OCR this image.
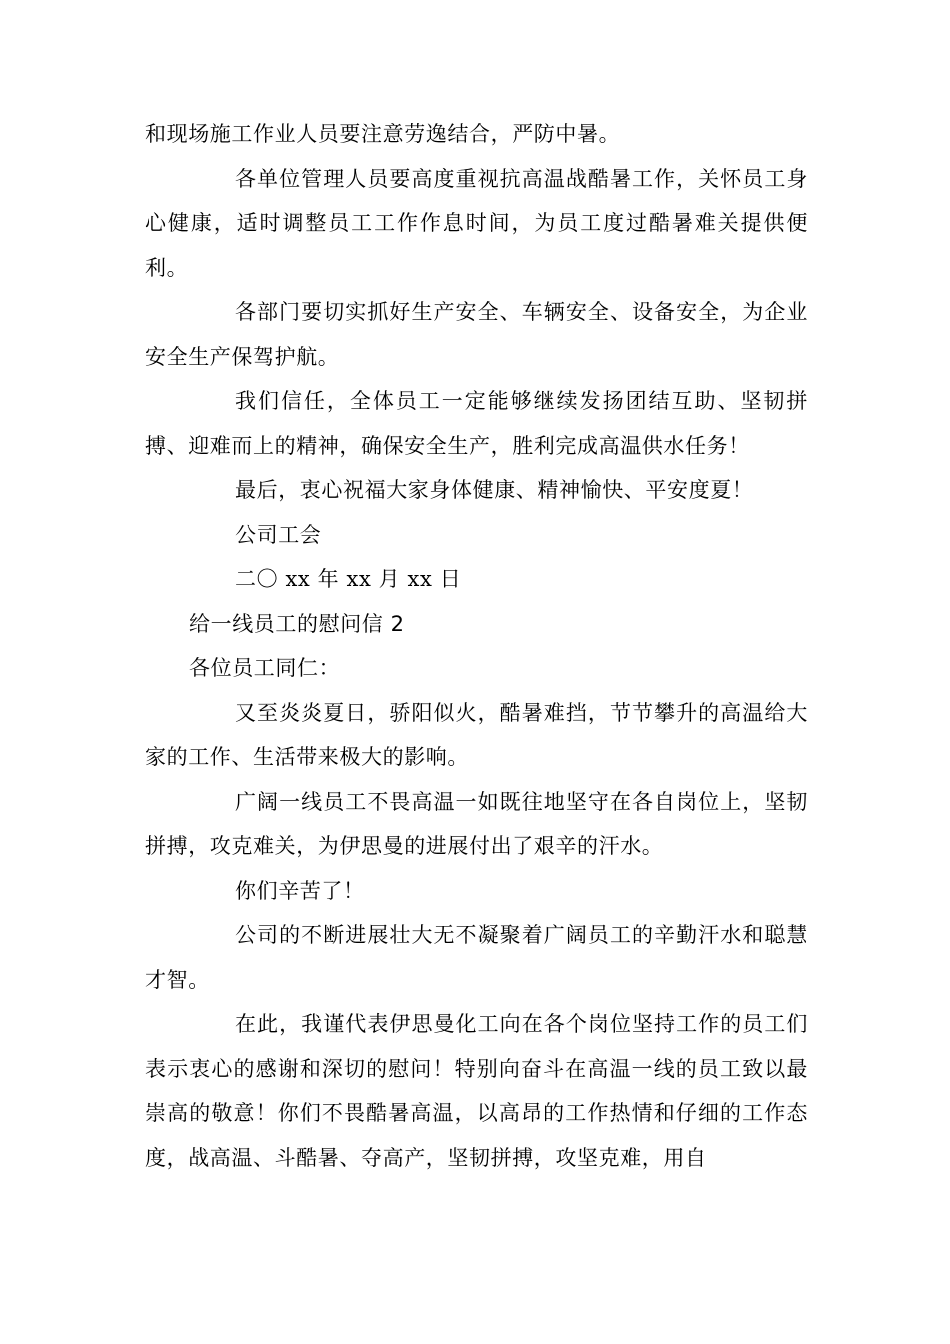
和现场施工作业人员要注意劳逸结合，严防中暑。

各单位管理人员要高度重视抗高温战酷暑工作，关怀员工身心健康，适时调整员工工作作息时间，为员工度过酷暑难关提供便利。

各部门要切实抓好生产安全、车辆安全、设备安全，为企业安全生产保驾护航。

我们信任，全体员工一定能够继续发扬团结互助、坚韧拼搏、迎难而上的精神，确保安全生产，胜利完成高温供水任务！

最后，衷心祝福大家身体健康、精神愉快、平安度夏！

公司工会

二〇 xx 年 xx 月 xx 日

给一线员工的慰问信 2

各位员工同仁：

又至炎炎夏日，骄阳似火，酷暑难挡，节节攀升的高温给大家的工作、生活带来极大的影响。

广阔一线员工不畏高温一如既往地坚守在各自岗位上，坚韧拼搏，攻克难关，为伊思曼的进展付出了艰辛的汗水。

你们辛苦了！

公司的不断进展壮大无不凝聚着广阔员工的辛勤汗水和聪慧才智。

在此，我谨代表伊思曼化工向在各个岗位坚持工作的员工们表示衷心的感谢和深切的慰问！特别向奋斗在高温一线的员工致以最崇高的敬意！你们不畏酷暑高温，以高昂的工作热情和仔细的工作态度，战高温、斗酷暑、夺高产，坚韧拼搏，攻坚克难，用自
